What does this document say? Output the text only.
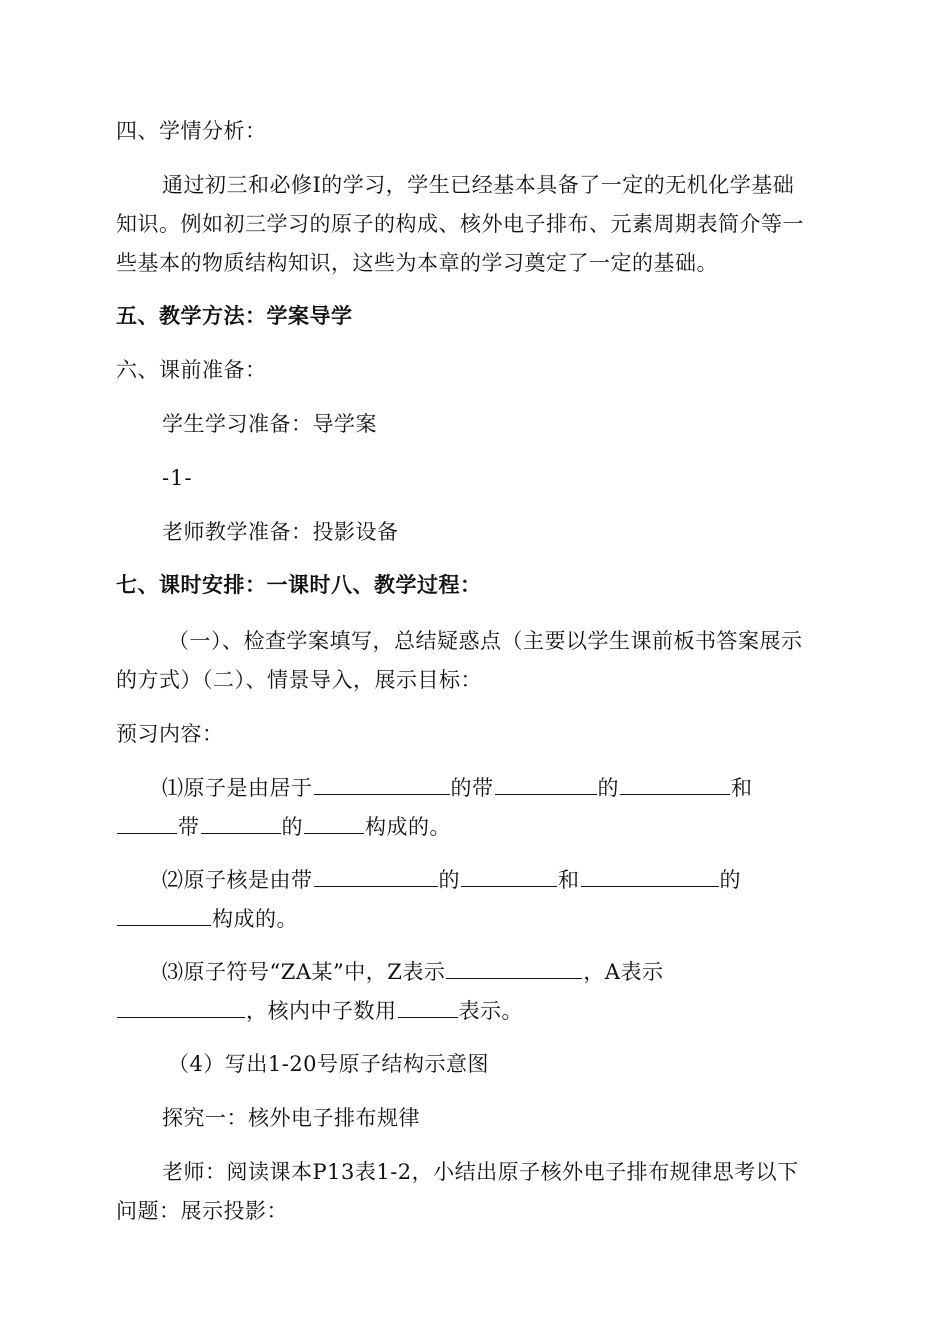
四、学情分析：
通过初三和必修Ⅰ的学习，学生已经基本具备了一定的无机化学基础
知识。例如初三学习的原子的构成、核外电子排布、元素周期表简介等一
些基本的物质结构知识，这些为本章的学习奠定了一定的基础。
五、教学方法：学案导学
六、课前准备：
学生学习准备：导学案
-1-
老师教学准备：投影设备
七、课时安排：一课时八、教学过程：
（一）、检查学案填写，总结疑惑点（主要以学生课前板书答案展示
的方式）（二）、情景导入，展示目标：
预习内容：
⑴原子是由居于	的带	的	和
带	的	构成的。
⑵原子核是由带	的	和	的
构成的。
⑶原子符号“ZA某”中，Z表示	，A表示
，核内中子数用	表示。
（4）写出1-20号原子结构示意图
探究一：核外电子排布规律
老师：阅读课本P13表1-2，小结出原子核外电子排布规律思考以下
问题：展示投影：
